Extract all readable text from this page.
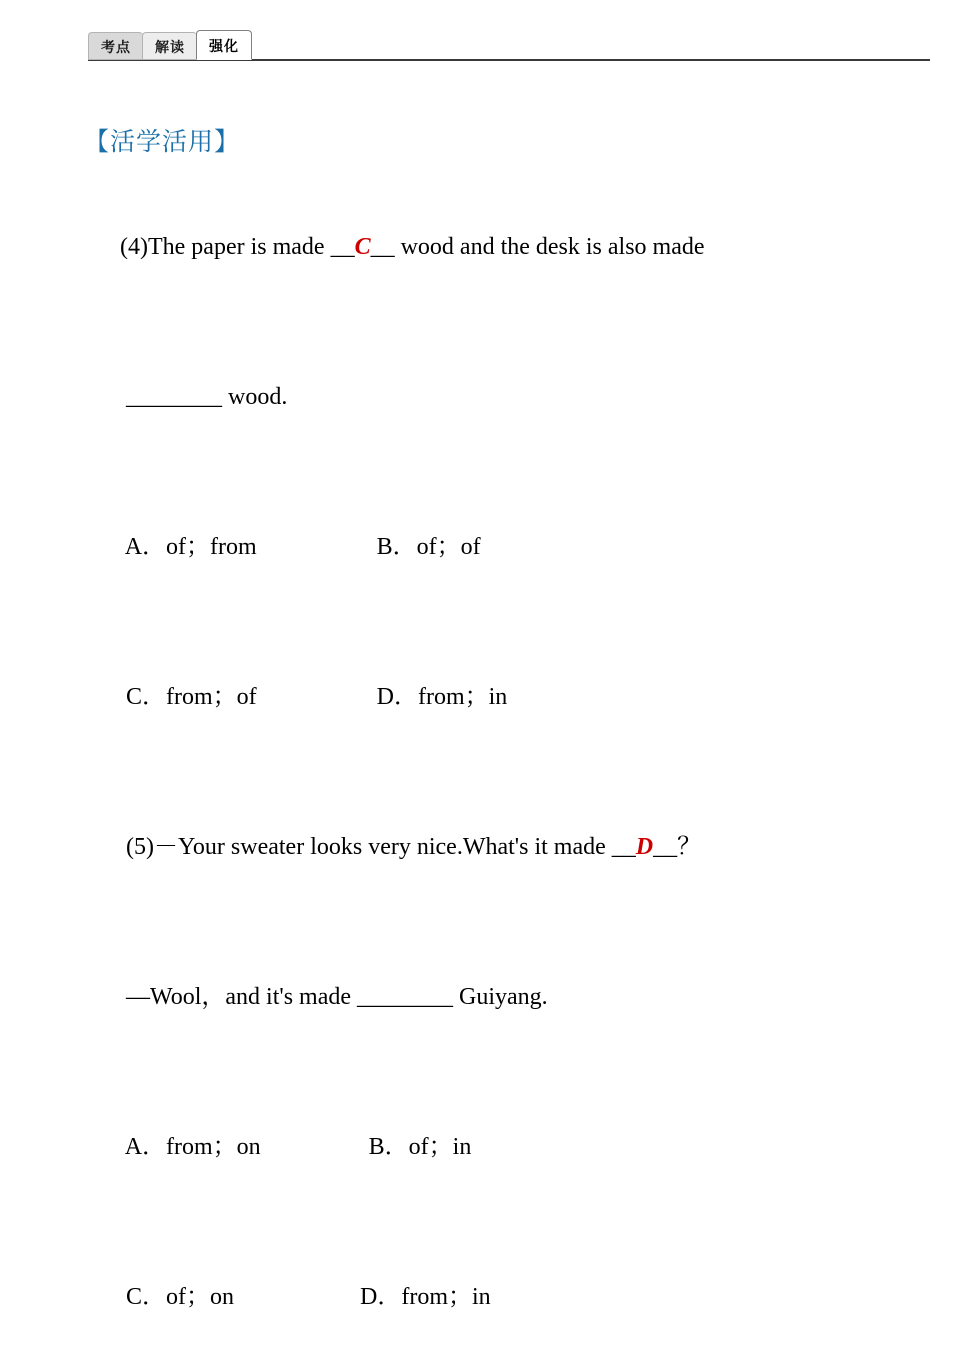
考点	解读	强化
【活学活用】

(4)The paper is made __C__ wood and the desk is also made

________ wood.

A．of；from                    B．of；of

C．from；of                    D．from；in

(5)－Your sweater looks very nice.What's it made __D__？

—Wool，and it's made ________ Guiyang.

A．from；on                  B．of；in

C．of；on                     D．from；in
